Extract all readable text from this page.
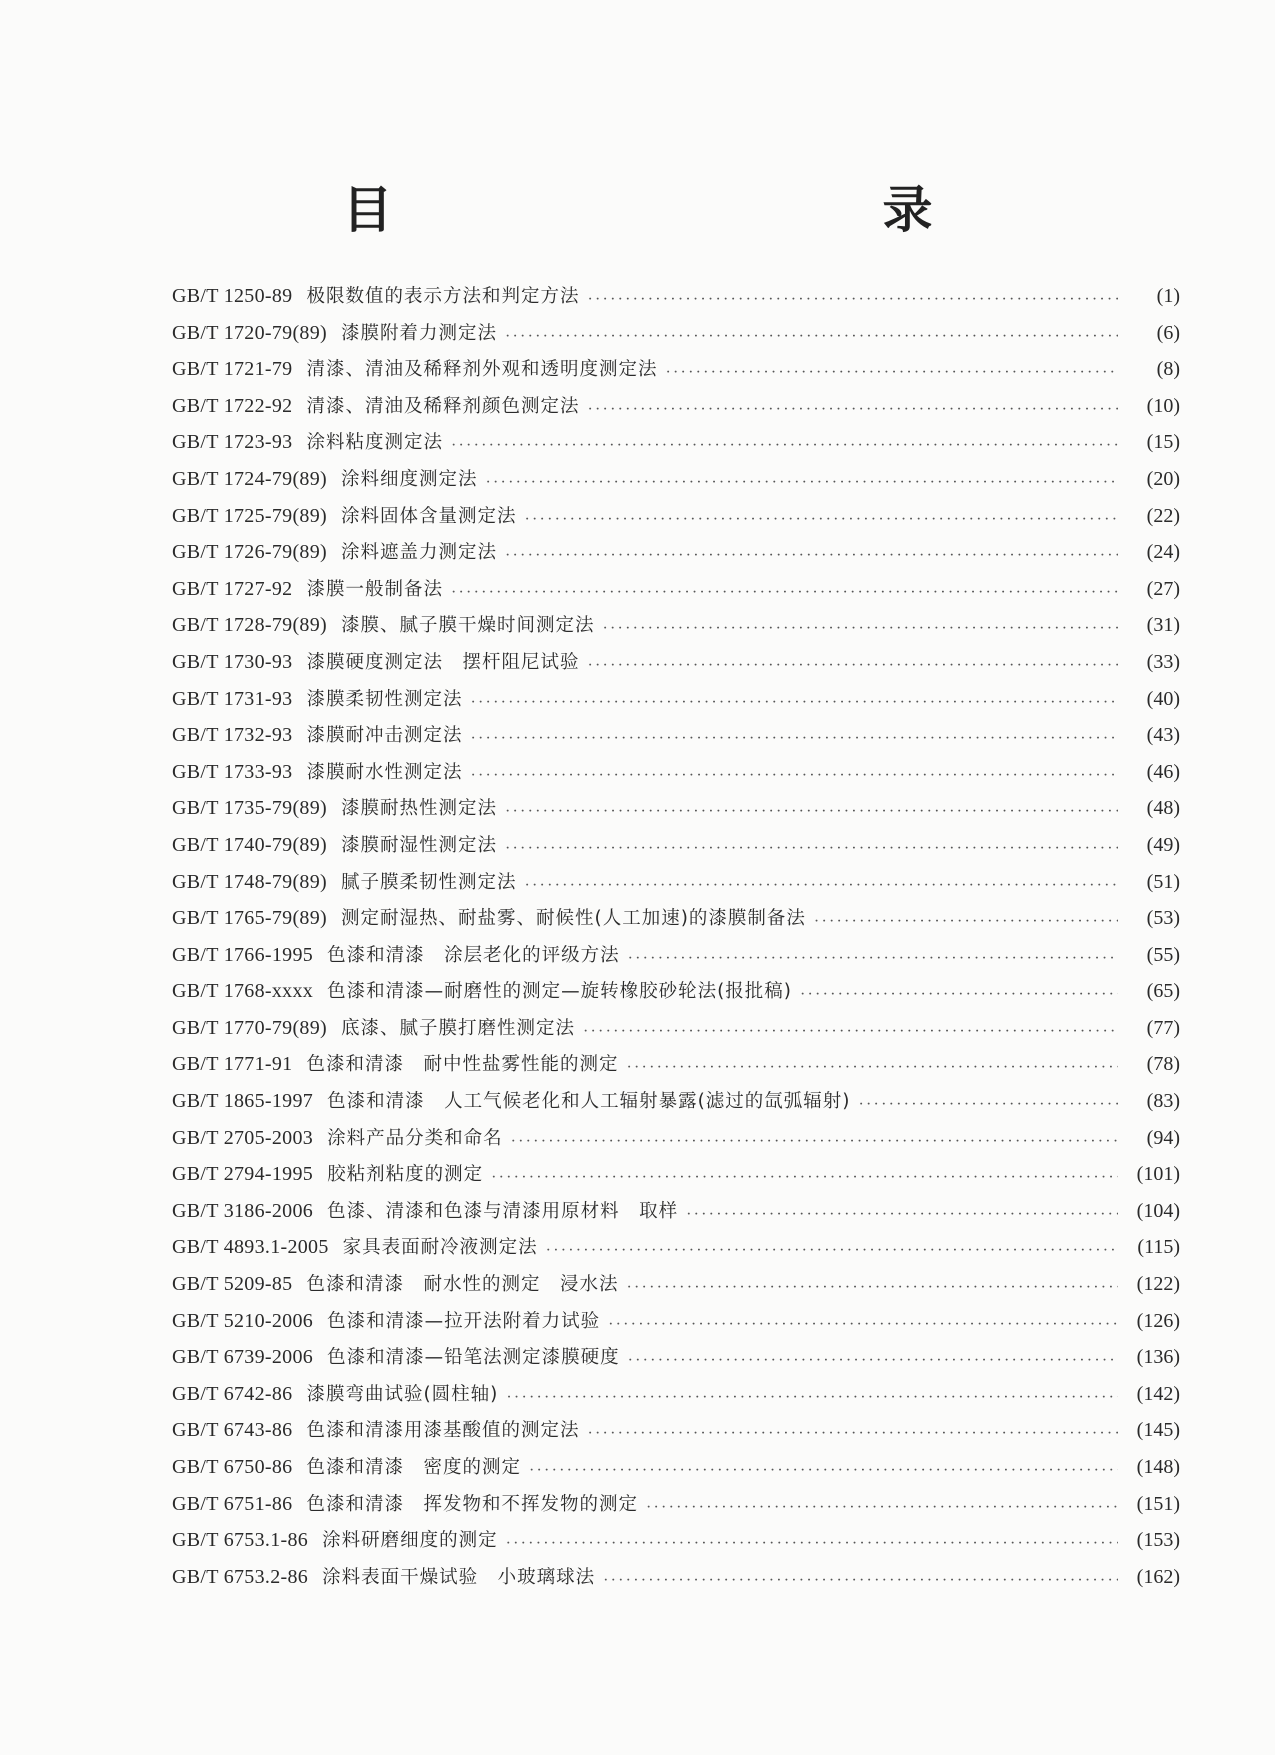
目　　录
GB/T 1250-89 极限数值的表示方法和判定方法 ·····	(1)
GB/T 1720-79(89) 漆膜附着力测定法 ·····	(6)
GB/T 1721-79 清漆、清油及稀释剂外观和透明度测定法 ·····	(8)
GB/T 1722-92 清漆、清油及稀释剂颜色测定法 ·····	(10)
GB/T 1723-93 涂料粘度测定法 ·····	(15)
GB/T 1724-79(89) 涂料细度测定法 ·····	(20)
GB/T 1725-79(89) 涂料固体含量测定法 ·····	(22)
GB/T 1726-79(89) 涂料遮盖力测定法 ·····	(24)
GB/T 1727-92 漆膜一般制备法 ·····	(27)
GB/T 1728-79(89) 漆膜、腻子膜干燥时间测定法 ·····	(31)
GB/T 1730-93 漆膜硬度测定法　摆杆阻尼试验 ·····	(33)
GB/T 1731-93 漆膜柔韧性测定法 ·····	(40)
GB/T 1732-93 漆膜耐冲击测定法 ·····	(43)
GB/T 1733-93 漆膜耐水性测定法 ·····	(46)
GB/T 1735-79(89) 漆膜耐热性测定法 ·····	(48)
GB/T 1740-79(89) 漆膜耐湿性测定法 ·····	(49)
GB/T 1748-79(89) 腻子膜柔韧性测定法 ·····	(51)
GB/T 1765-79(89) 测定耐湿热、耐盐雾、耐候性(人工加速)的漆膜制备法 ·····	(53)
GB/T 1766-1995 色漆和清漆　涂层老化的评级方法 ·····	(55)
GB/T 1768-xxxx 色漆和清漆—耐磨性的测定—旋转橡胶砂轮法(报批稿) ·····	(65)
GB/T 1770-79(89) 底漆、腻子膜打磨性测定法 ·····	(77)
GB/T 1771-91 色漆和清漆　耐中性盐雾性能的测定 ·····	(78)
GB/T 1865-1997 色漆和清漆　人工气候老化和人工辐射暴露(滤过的氙弧辐射) ·····	(83)
GB/T 2705-2003 涂料产品分类和命名 ·····	(94)
GB/T 2794-1995 胶粘剂粘度的测定 ·····	(101)
GB/T 3186-2006 色漆、清漆和色漆与清漆用原材料　取样 ·····	(104)
GB/T 4893.1-2005 家具表面耐冷液测定法 ·····	(115)
GB/T 5209-85 色漆和清漆　耐水性的测定　浸水法 ·····	(122)
GB/T 5210-2006 色漆和清漆—拉开法附着力试验 ·····	(126)
GB/T 6739-2006 色漆和清漆—铅笔法测定漆膜硬度 ·····	(136)
GB/T 6742-86 漆膜弯曲试验(圆柱轴) ·····	(142)
GB/T 6743-86 色漆和清漆用漆基酸值的测定法 ·····	(145)
GB/T 6750-86 色漆和清漆　密度的测定 ·····	(148)
GB/T 6751-86 色漆和清漆　挥发物和不挥发物的测定 ·····	(151)
GB/T 6753.1-86 涂料研磨细度的测定 ·····	(153)
GB/T 6753.2-86 涂料表面干燥试验　小玻璃球法 ·····	(162)
